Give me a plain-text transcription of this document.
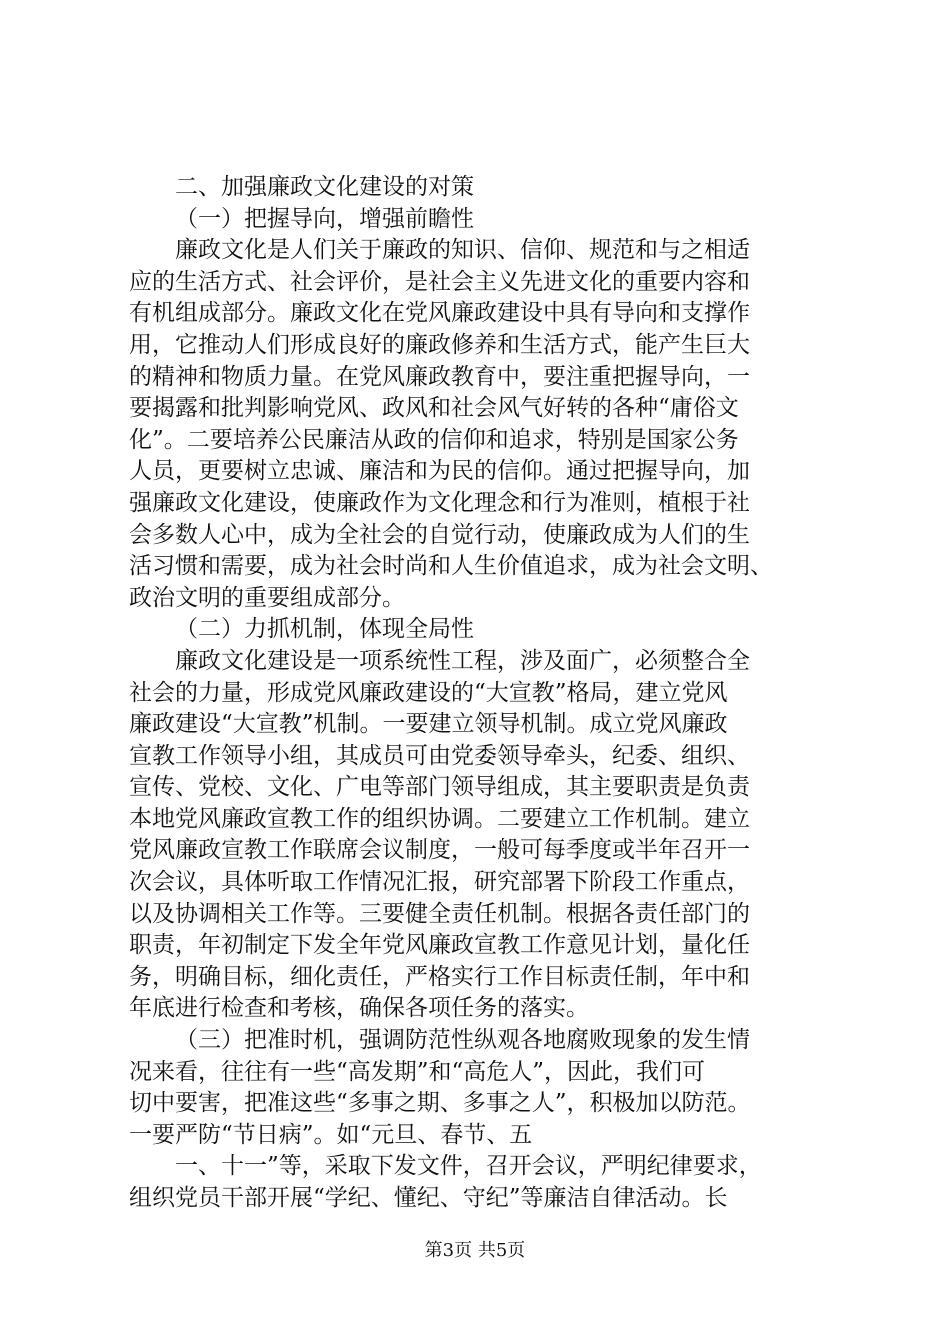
二、加强廉政文化建设的对策
（一）把握导向，增强前瞻性
廉政文化是人们关于廉政的知识、信仰、规范和与之相适
应的生活方式、社会评价，是社会主义先进文化的重要内容和
有机组成部分。廉政文化在党风廉政建设中具有导向和支撑作
用，它推动人们形成良好的廉政修养和生活方式，能产生巨大
的精神和物质力量。在党风廉政教育中，要注重把握导向，一
要揭露和批判影响党风、政风和社会风气好转的各种“庸俗文
化”。二要培养公民廉洁从政的信仰和追求，特别是国家公务
人员，更要树立忠诚、廉洁和为民的信仰。通过把握导向，加
强廉政文化建设，使廉政作为文化理念和行为准则，植根于社
会多数人心中，成为全社会的自觉行动，使廉政成为人们的生
活习惯和需要，成为社会时尚和人生价值追求，成为社会文明、
政治文明的重要组成部分。
（二）力抓机制，体现全局性
廉政文化建设是一项系统性工程，涉及面广，必须整合全
社会的力量，形成党风廉政建设的“大宣教”格局，建立党风
廉政建设“大宣教”机制。一要建立领导机制。成立党风廉政
宣教工作领导小组，其成员可由党委领导牵头，纪委、组织、
宣传、党校、文化、广电等部门领导组成，其主要职责是负责
本地党风廉政宣教工作的组织协调。二要建立工作机制。建立
党风廉政宣教工作联席会议制度，一般可每季度或半年召开一
次会议，具体听取工作情况汇报，研究部署下阶段工作重点，
以及协调相关工作等。三要健全责任机制。根据各责任部门的
职责，年初制定下发全年党风廉政宣教工作意见计划，量化任
务，明确目标，细化责任，严格实行工作目标责任制，年中和
年底进行检查和考核，确保各项任务的落实。
（三）把准时机，强调防范性纵观各地腐败现象的发生情
况来看，往往有一些“高发期”和“高危人”，因此，我们可
切中要害，把准这些“多事之期、多事之人”，积极加以防范。
一要严防“节日病”。如“元旦、春节、五
一、十一”等，采取下发文件，召开会议，严明纪律要求，
组织党员干部开展“学纪、懂纪、守纪”等廉洁自律活动。长
第3页 共5页
